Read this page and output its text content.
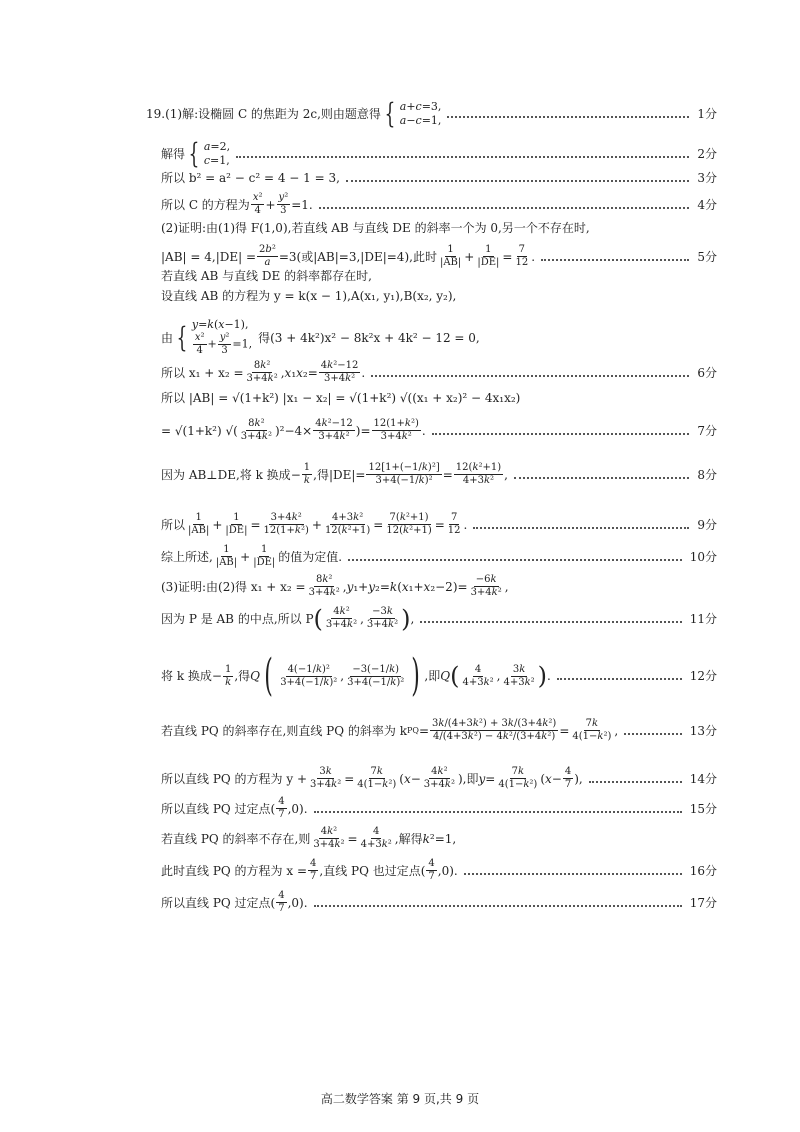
19.(1)解:设椭圆 C 的焦距为 2c,则由题意得 { a+c=3,
a−c=1,	1分
解得 { a=2,
c=1,	2分
所以 b² = a² − c² = 4 − 1 = 3,	3分
所以 C 的方程为 $\frac{\text{x²}}{4} + \frac{\text{y²}}{3} =1$.	4分
(2)证明:由(1)得 F(1,0),若直线 AB 与直线 DE 的斜率一个为 0,另一个不存在时,
$|AB| = 4,|DE| = \frac{\text{2b²}}{a} =3$(或|AB|=3,|DE|=4),此时 $\frac{1}{|AB|} + \frac{1}{|DE|} = \frac{7}{12}$ .	5分
若直线 AB 与直线 DE 的斜率都存在时,
设直线 AB 的方程为 y = k(x − 1),A(x₁, y₁),B(x₂, y₂),
由 { y=k(x−1),
$\frac{\text{x²}}{4} + \frac{\text{y²}}{3} =1$, 得(3 + 4k²)x² − 8k²x + 4k² − 12 = 0,
所以 $x_1 + x_2 = \frac{\text{8k²}}{\text{3+4k²}}$ , x ₁ x $_2= \frac{\text{4k²−12}}{\text{3+4k²}}$ .	6分
所以 |AB| = √(1+k²) |x₁ − x₂| = √(1+k²) √((x₁ + x₂)² − 4x₁x₂)
= √(1+k²) √( $\frac{\text{8k²}}{\text{3+4k²}} )^2-4\times \frac{\text{4k²−12}}{\text{3+4k²}}$ )= $\frac{\text{12(1+k²)}}{\text{3+4k²}}$ .	7分
因为 AB⊥DE,将 k 换成 − $\frac{1}{k}$ ,得$|DE|= \frac{\text{12[1+(−1/k)²]}}{\text{3+4(−1/k)²}} = \frac{\text{12(k²+1)}}{\text{4+3k²}}$ ,	8分
所以 $\frac{1}{|AB|} + \frac{1}{|DE|} = \frac{\text{3+4k²}}{\text{12(1+k²)}} + \frac{\text{4+3k²}}{\text{12(k²+1)}} = \frac{\text{7(k²+1)}}{\text{12(k²+1)}} = \frac{7}{12}$ .	9分
综上所述, $\frac{1}{|AB|} + \frac{1}{|DE|}$ 的值为定值.	10分
(3)证明:由(2)得 $x_1 + x_2 = \frac{\text{8k²}}{\text{3+4k²}}$ , y ₁+ y ₂= k ( x ₁+ x $_2-2)= \frac{-6k}{\text{3+4k²}}$ ,
因为 P 是 AB 的中点,所以 P ( $\frac{\text{4k²}}{\text{3+4k²}}$ , $\frac{-3k}{\text{3+4k²}}$ ) ,	11分
将 k 换成 − $\frac{1}{k}$ ,得 Q ( $\frac{\text{4(−1/k)²}}{\text{3+4(−1/k)²}}$ , $\frac{-3(-1/k)}{\text{3+4(−1/k)²}}$ ) ,即 Q ( $\frac{4}{\text{4+3k²}}$ , $\frac{3k}{\text{4+3k²}}$ ) .	12分
若直线 PQ 的斜率存在,则直线 PQ 的斜率为 k PQ = $\frac{\text{3k/(4+3k²) + 3k/(3+4k²)}}{\text{4/(4+3k²) − 4k²/(3+4k²)}} = \frac{7k}{\text{4(1−k²)}}$ ,	13分
所以直线 PQ 的方程为 $y + \frac{3k}{\text{3+4k²}} = \frac{7k}{\text{4(1−k²)}}$ ( $x - \frac{\text{4k²}}{\text{3+4k²}}$ ),即 $y = \frac{7k}{\text{4(1−k²)}}$ ( $x - \frac{4}{7}$ ),	14分
所以直线 PQ 过定点 ( $\frac{4}{7} ,0$).	15分
若直线 PQ 的斜率不存在,则 $\frac{\text{4k²}}{\text{3+4k²}} = \frac{4}{\text{4+3k²}}$ ,解得 k ²=1,
此时直线 PQ 的方程为 $x = \frac{4}{7}$ ,直线 PQ 也过定点( $\frac{4}{7} ,0$).	16分
所以直线 PQ 过定点 ( $\frac{4}{7} ,0$).	17分
高二数学答案 第 9 页,共 9 页
